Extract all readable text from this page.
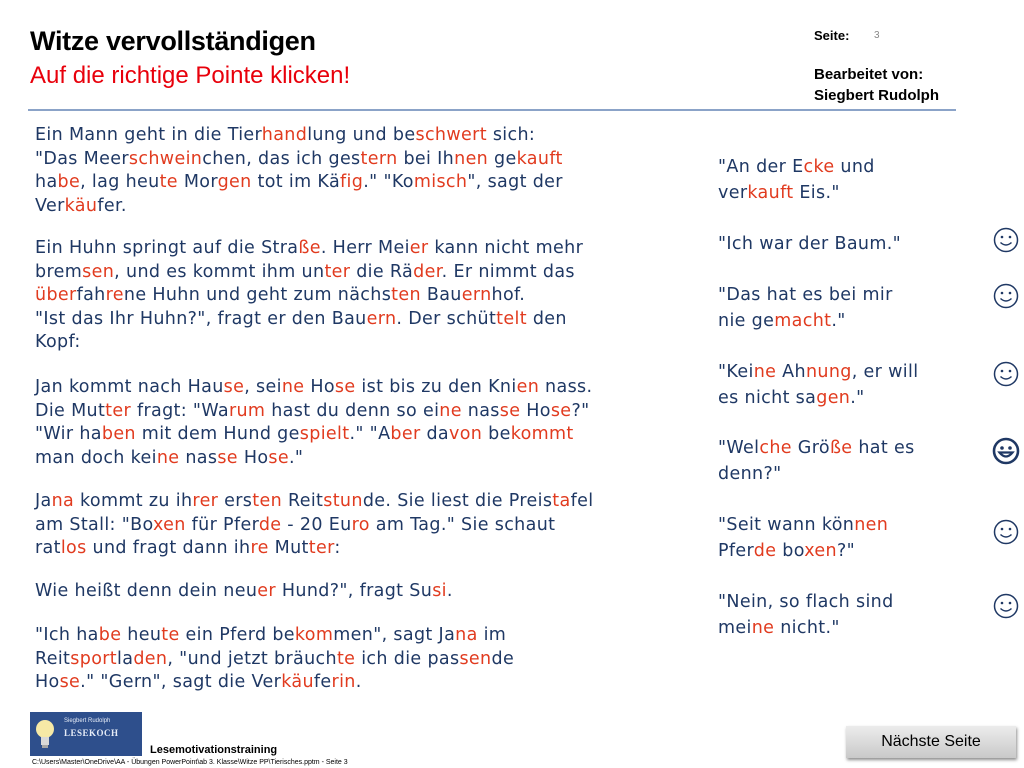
Witze vervollständigen
Auf die richtige Pointe klicken!
Seite: 3
Bearbeitet von:
Siegbert Rudolph
Ein Mann geht in die Tierhandlung und beschwert sich:
"Das Meerschweinchen, das ich gestern bei Ihnen gekauft
habe, lag heute Morgen tot im Käfig." "Komisch", sagt der
Verkäufer.
Ein Huhn springt auf die Straße. Herr Meier kann nicht mehr
bremsen, und es kommt ihm unter die Räder. Er nimmt das
überfahrene Huhn und geht zum nächsten Bauernhof.
"Ist das Ihr Huhn?", fragt er den Bauern. Der schüttelt den
Kopf:
Jan kommt nach Hause, seine Hose ist bis zu den Knien nass.
Die Mutter fragt: "Warum hast du denn so eine nasse Hose?"
"Wir haben mit dem Hund gespielt." "Aber davon bekommt
man doch keine nasse Hose."
Jana kommt zu ihrer ersten Reitstunde. Sie liest die Preistafel
am Stall: "Boxen für Pferde - 20 Euro am Tag." Sie schaut
ratlos und fragt dann ihre Mutter:
Wie heißt denn dein neuer Hund?", fragt Susi.
"Ich habe heute ein Pferd bekommen", sagt Jana im
Reitsportladen, "und jetzt bräuchte ich die passende
Hose." "Gern", sagt die Verkäuferin.
"An der Ecke und
verkauft Eis."
"Ich war der Baum."
"Das hat es bei mir
nie gemacht."
"Keine Ahnung, er will
es nicht sagen."
"Welche Größe hat es
denn?"
"Seit wann können
Pferde boxen?"
"Nein, so flach sind
meine nicht."
Siegbert Rudolph
LESEKOCH
Lesemotivationstraining
C:\Users\Master\OneDrive\AA - Übungen PowerPoint\ab 3. Klasse\Witze PP\Tierisches.pptm - Seite 3
Nächste Seite
